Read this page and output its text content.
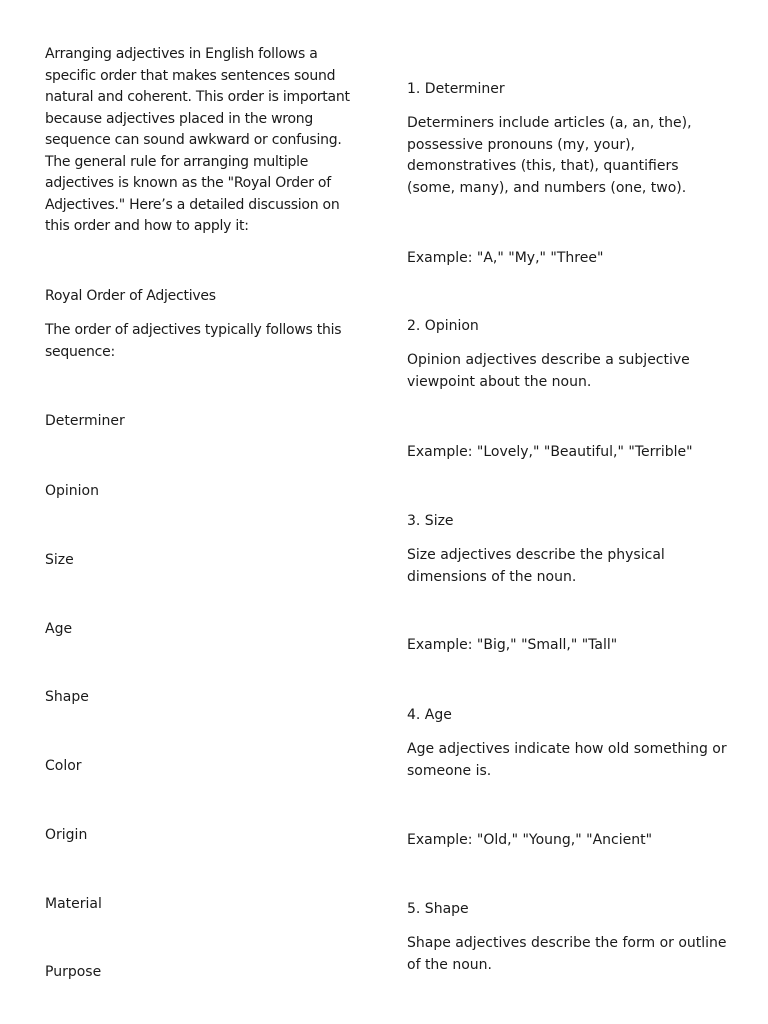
Arranging adjectives in English follows a specific order that makes sentences sound natural and coherent. This order is important because adjectives placed in the wrong sequence can sound awkward or confusing. The general rule for arranging multiple adjectives is known as the "Royal Order of Adjectives." Here’s a detailed discussion on this order and how to apply it:

Royal Order of Adjectives

The order of adjectives typically follows this sequence:

Determiner

Opinion

Size

Age

Shape

Color

Origin

Material

Purpose

1. Determiner

Determiners include articles (a, an, the), possessive pronouns (my, your), demonstratives (this, that), quantifiers (some, many), and numbers (one, two).

Example: "A," "My," "Three"

2. Opinion

Opinion adjectives describe a subjective viewpoint about the noun.

Example: "Lovely," "Beautiful," "Terrible"

3. Size

Size adjectives describe the physical dimensions of the noun.

Example: "Big," "Small," "Tall"

4. Age

Age adjectives indicate how old something or someone is.

Example: "Old," "Young," "Ancient"

5. Shape

Shape adjectives describe the form or outline of the noun.
